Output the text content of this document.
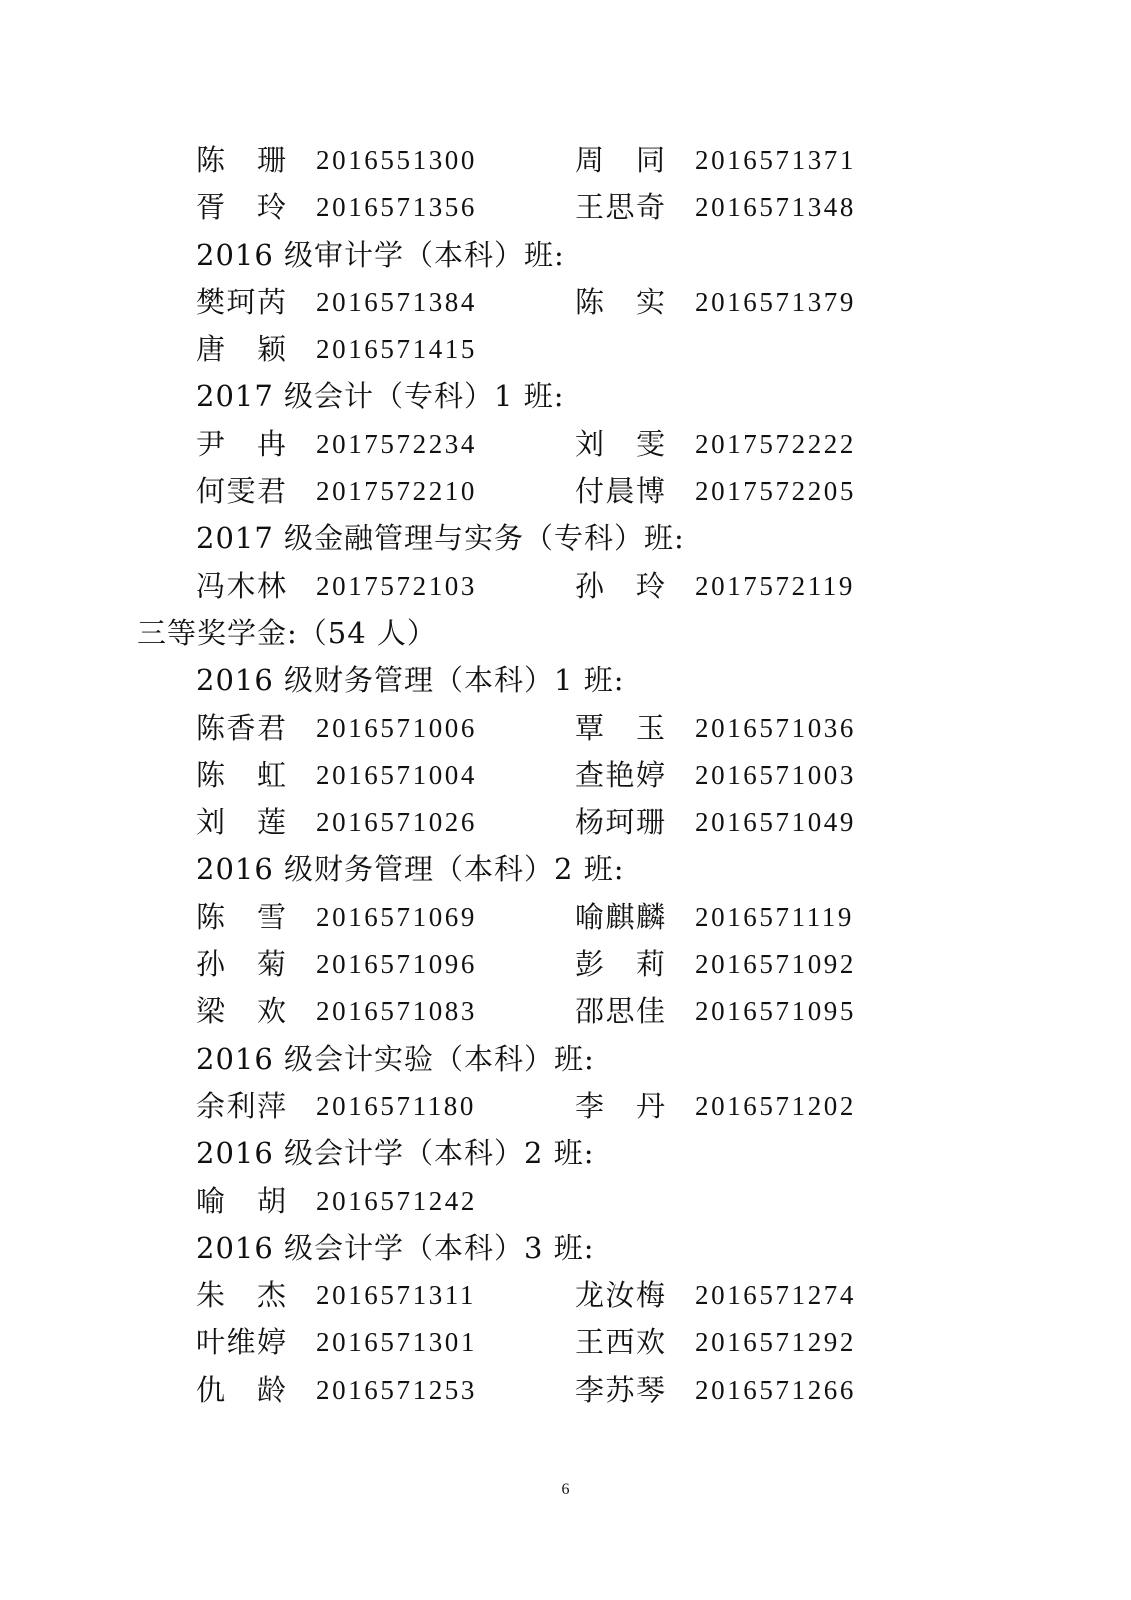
陈　珊 2016551300	周　同 2016571371
胥　玲 2016571356	王思奇 2016571348
2016 级审计学（本科）班:
樊珂芮 2016571384	陈　实 2016571379
唐　颖 2016571415
2017 级会计（专科）1 班:
尹　冉 2017572234	刘　雯 2017572222
何雯君 2017572210	付晨博 2017572205
2017 级金融管理与实务（专科）班:
冯木林 2017572103	孙　玲 2017572119
三等奖学金:（54 人）
2016 级财务管理（本科）1 班:
陈香君 2016571006	覃　玉 2016571036
陈　虹 2016571004	查艳婷 2016571003
刘　莲 2016571026	杨珂珊 2016571049
2016 级财务管理（本科）2 班:
陈　雪 2016571069	喻麒麟 2016571119
孙　菊 2016571096	彭　莉 2016571092
梁　欢 2016571083	邵思佳 2016571095
2016 级会计实验（本科）班:
余利萍 2016571180	李　丹 2016571202
2016 级会计学（本科）2 班:
喻　胡 2016571242
2016 级会计学（本科）3 班:
朱　杰 2016571311	龙汝梅 2016571274
叶维婷 2016571301	王西欢 2016571292
仇　龄 2016571253	李苏琴 2016571266
6
